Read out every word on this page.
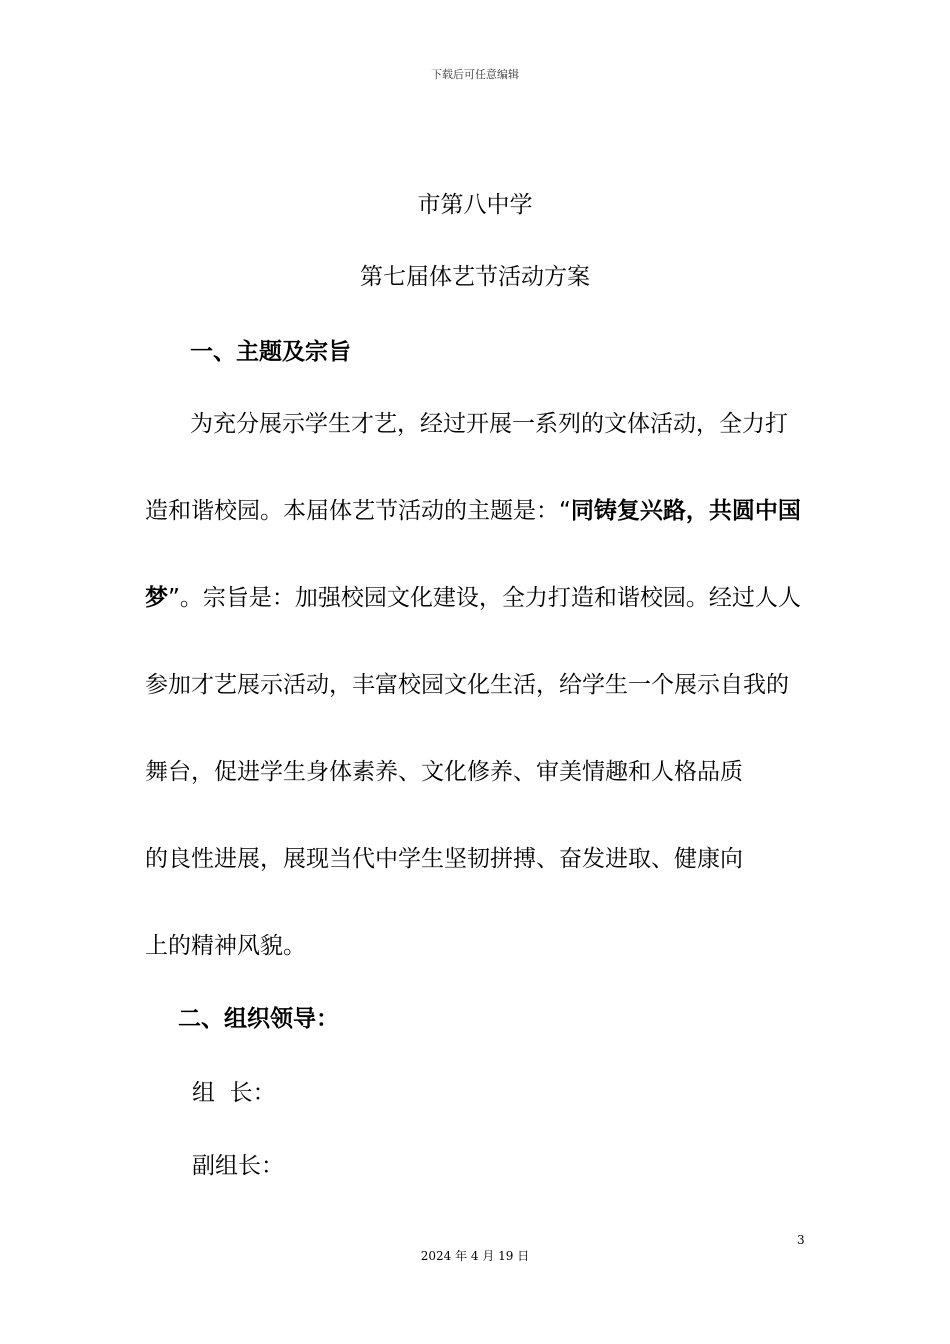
下载后可任意编辑
市第八中学
第七届体艺节活动方案
一、主题及宗旨
为充分展示学生才艺，经过开展一系列的文体活动，全力打
造和谐校园。本届体艺节活动的主题是：“同铸复兴路，共圆中国
梦”。宗旨是：加强校园文化建设，全力打造和谐校园。经过人人
参加才艺展示活动，丰富校园文化生活，给学生一个展示自我的
舞台，促进学生身体素养、文化修养、审美情趣和人格品质
的良性进展，展现当代中学生坚韧拼搏、奋发进取、健康向
上的精神风貌。
二、组织领导：
组  长：
副组长：
3
2024 年 4 月 19 日
